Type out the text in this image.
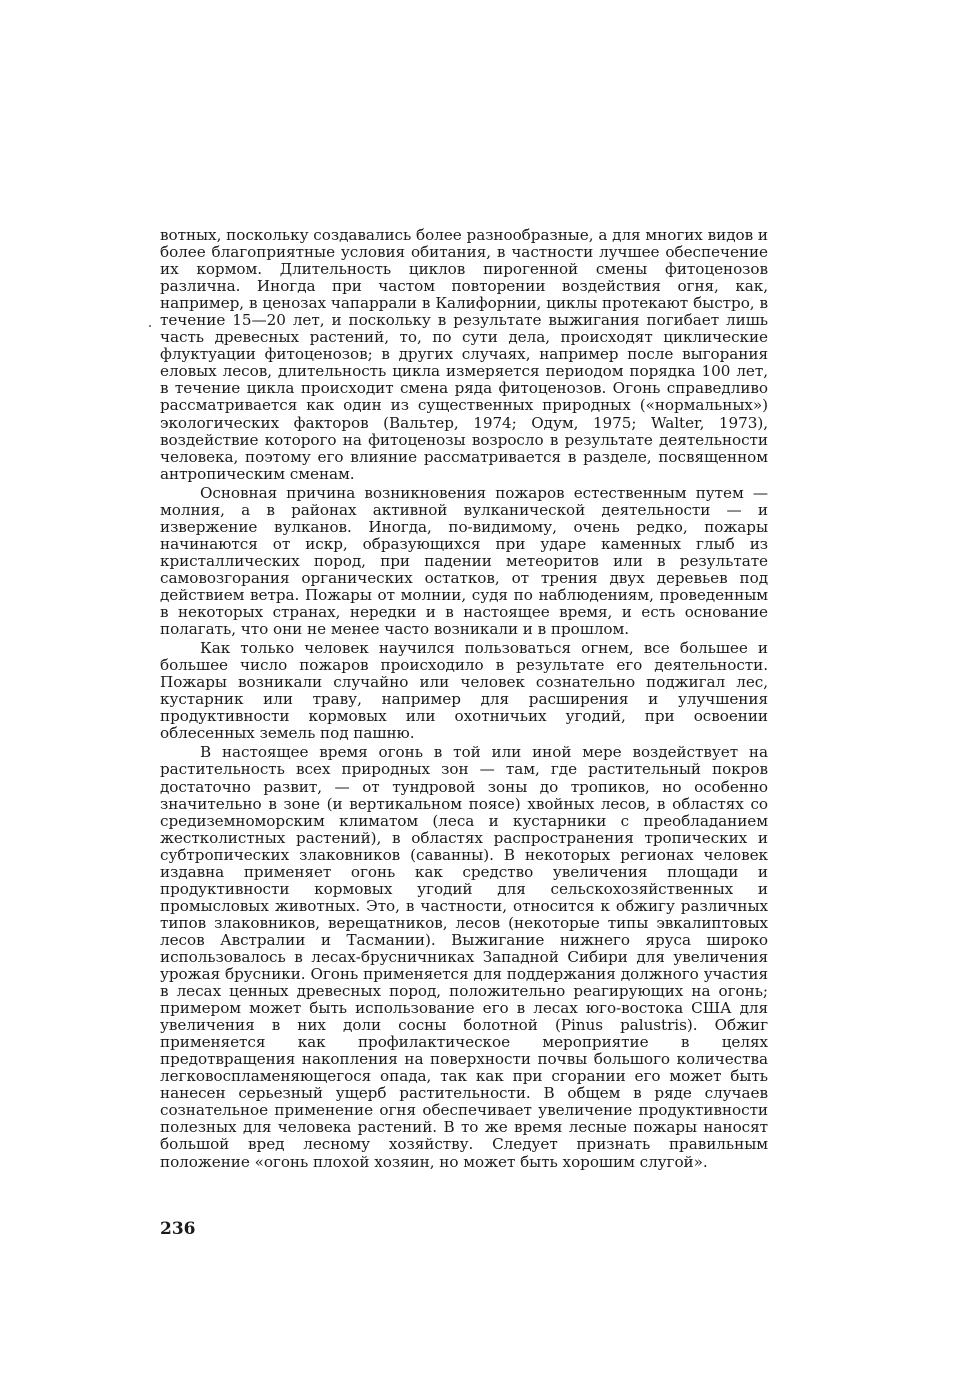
вотных, поскольку создавались более разнообразные, а для многих видов и более благоприятные условия обитания, в частности лучшее обеспечение их кормом. Длительность циклов пирогенной смены фитоценозов различна. Иногда при частом повторении воздействия огня, как, например, в ценозах чапаррали в Калифорнии, циклы протекают быстро, в течение 15—20 лет, и поскольку в результате выжигания погибает лишь часть древесных растений, то, по сути дела, происходят циклические флуктуации фитоценозов; в других случаях, например после выгорания еловых лесов, длительность цикла измеряется периодом порядка 100 лет, в течение цикла происходит смена ряда фитоценозов. Огонь справедливо рассматривается как один из существенных природных («нормальных») экологических факторов (Вальтер, 1974; Одум, 1975; Walter, 1973), воздействие которого на фитоценозы возросло в результате деятельности человека, поэтому его влияние рассматривается в разделе, посвященном антропическим сменам.

Основная причина возникновения пожаров естественным путем — молния, а в районах активной вулканической деятельности — и извержение вулканов. Иногда, по-видимому, очень редко, пожары начинаются от искр, образующихся при ударе каменных глыб из кристаллических пород, при падении метеоритов или в результате самовозгорания органических остатков, от трения двух деревьев под действием ветра. Пожары от молнии, судя по наблюдениям, проведенным в некоторых странах, нередки и в настоящее время, и есть основание полагать, что они не менее часто возникали и в прошлом.

Как только человек научился пользоваться огнем, все большее и большее число пожаров происходило в результате его деятельности. Пожары возникали случайно или человек сознательно поджигал лес, кустарник или траву, например для расширения и улучшения продуктивности кормовых или охотничьих угодий, при освоении облесенных земель под пашню.

В настоящее время огонь в той или иной мере воздействует на растительность всех природных зон — там, где растительный покров достаточно развит, — от тундровой зоны до тропиков, но особенно значительно в зоне (и вертикальном поясе) хвойных лесов, в областях со средиземноморским климатом (леса и кустарники с преобладанием жестколистных растений), в областях распространения тропических и субтропических злаковников (саванны). В некоторых регионах человек издавна применяет огонь как средство увеличения площади и продуктивности кормовых угодий для сельскохозяйственных и промысловых животных. Это, в частности, относится к обжигу различных типов злаковников, верещатников, лесов (некоторые типы эвкалиптовых лесов Австралии и Тасмании). Выжигание нижнего яруса широко использовалось в лесах-брусничниках Западной Сибири для увеличения урожая брусники. Огонь применяется для поддержания должного участия в лесах ценных древесных пород, положительно реагирующих на огонь; примером может быть использование его в лесах юго-востока США для увеличения в них доли сосны болотной (Pinus palustris). Обжиг применяется как профилактическое мероприятие в целях предотвращения накопления на поверхности почвы большого количества легковоспламеняющегося опада, так как при сгорании его может быть нанесен серьезный ущерб растительности. В общем в ряде случаев сознательное применение огня обеспечивает увеличение продуктивности полезных для человека растений. В то же время лесные пожары наносят большой вред лесному хозяйству. Следует признать правильным положение «огонь плохой хозяин, но может быть хорошим слугой».

236
